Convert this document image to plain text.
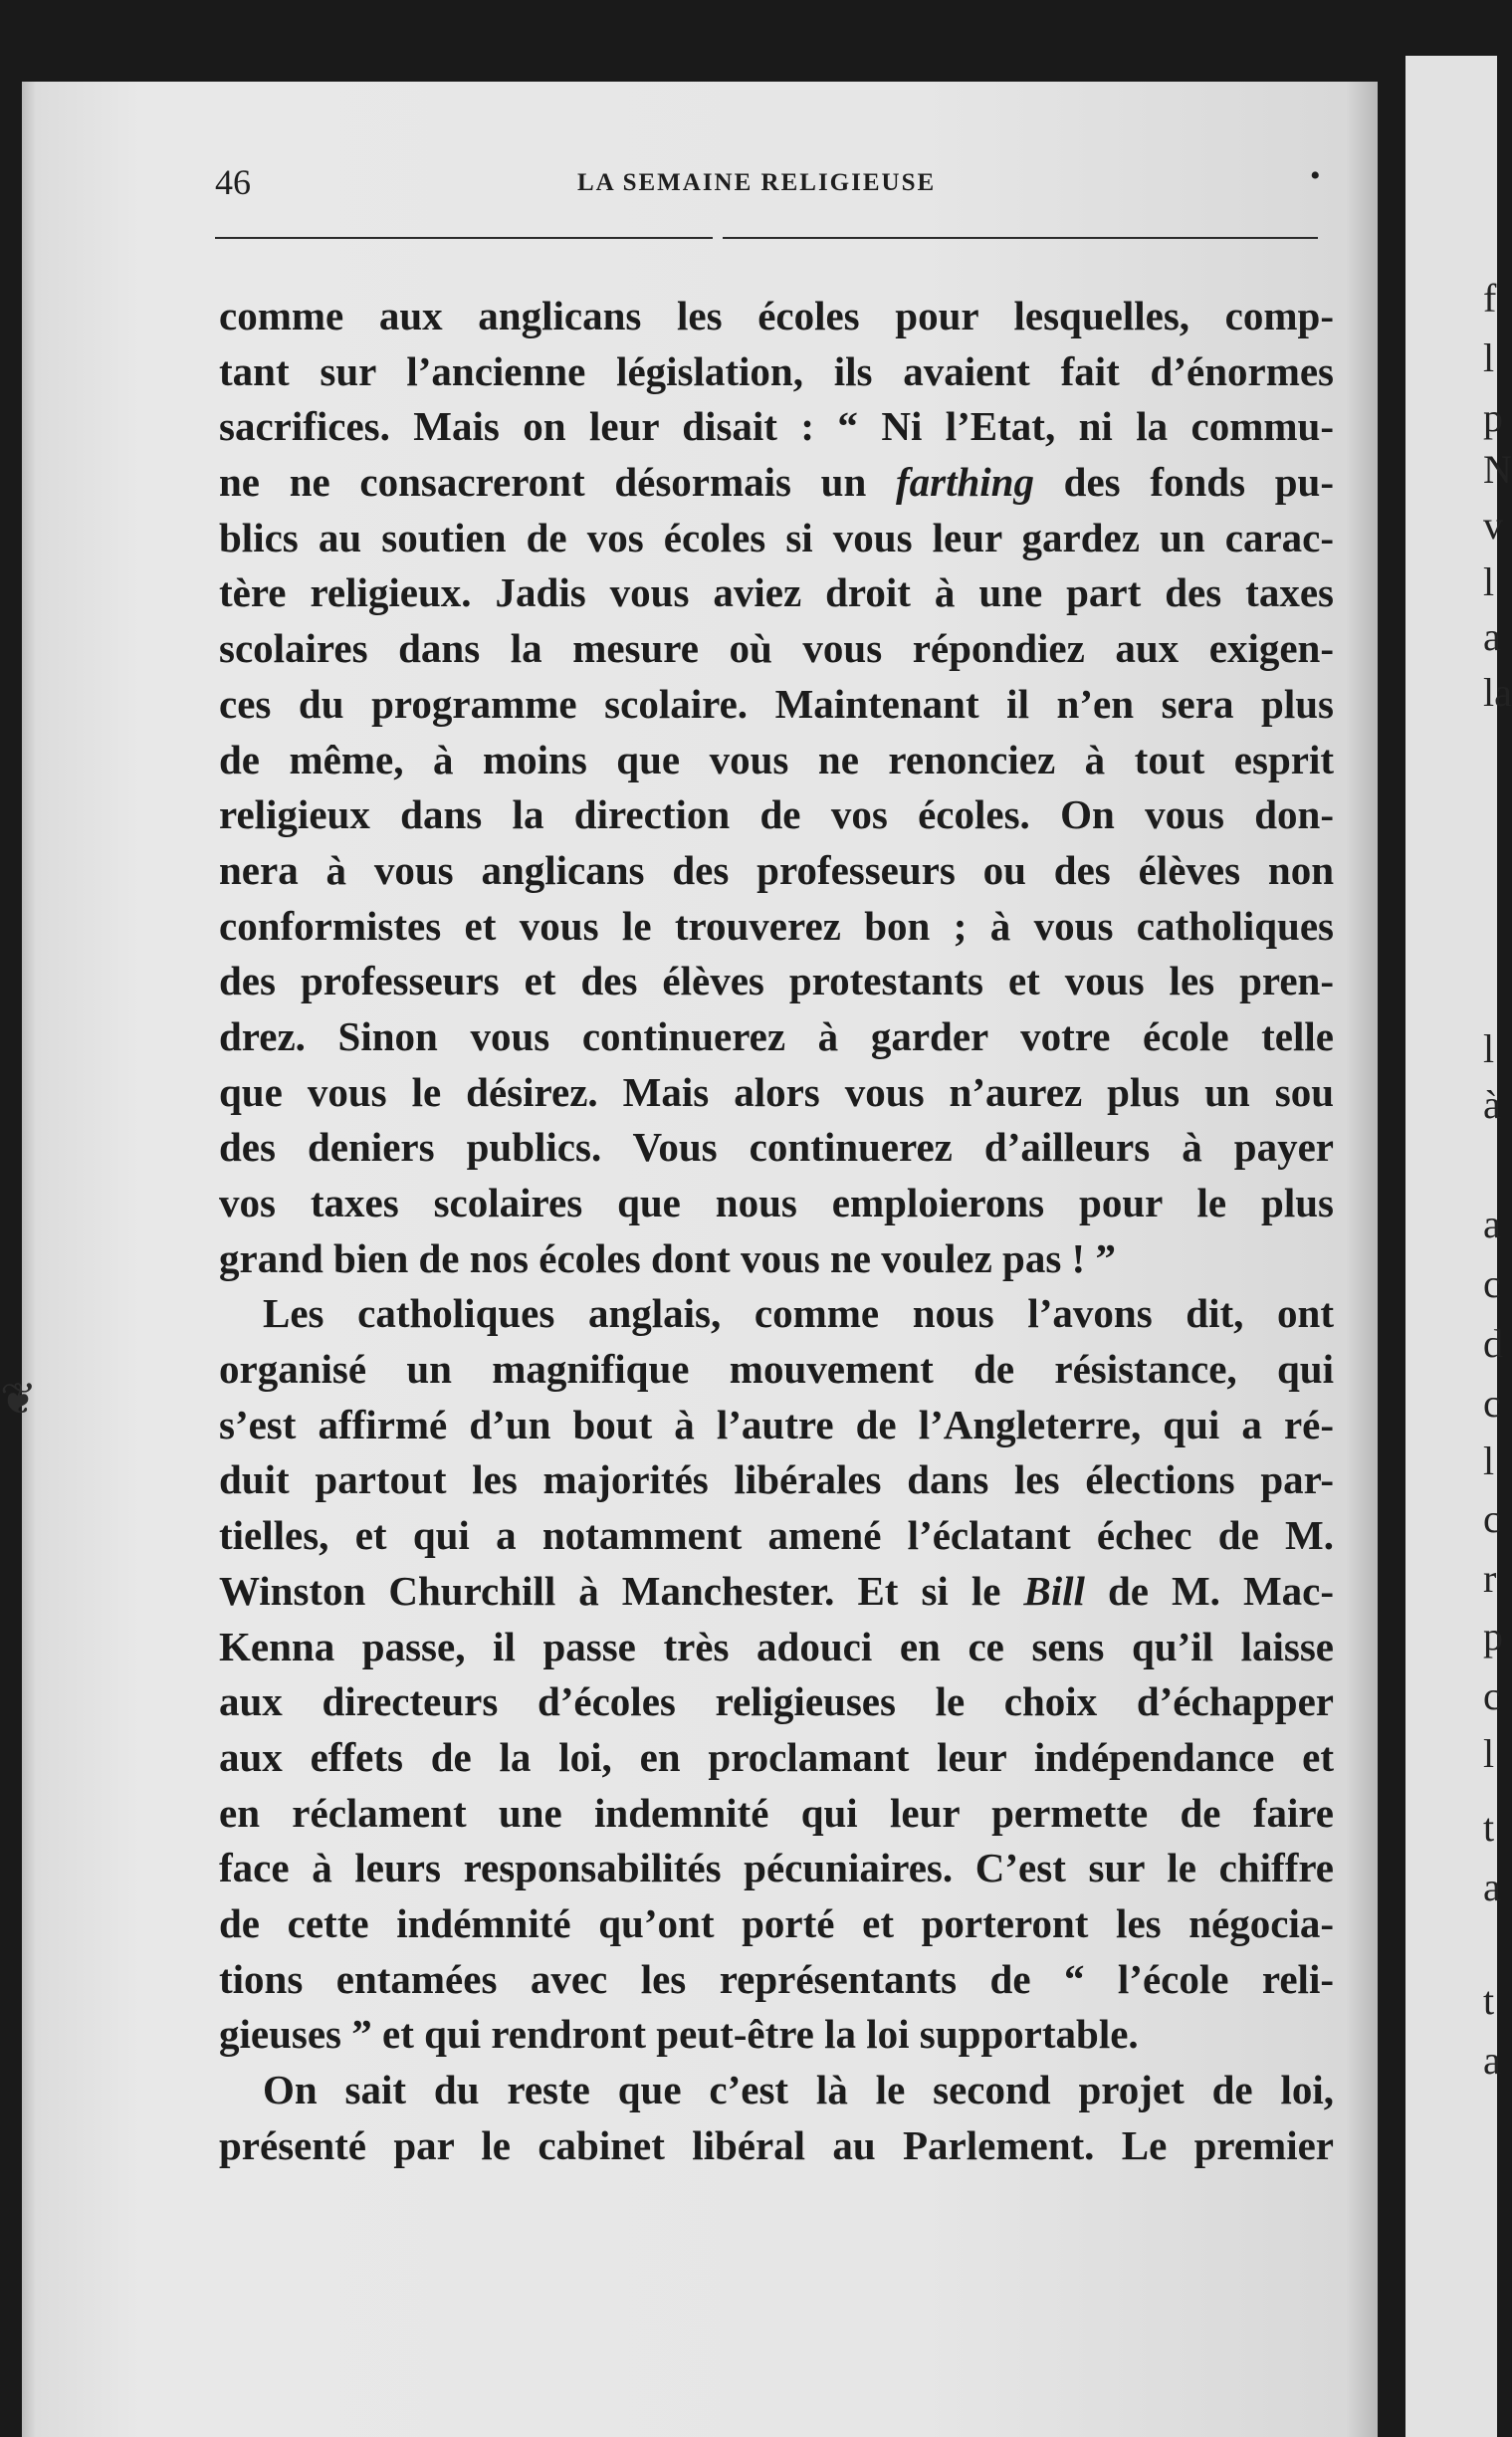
46	LA SEMAINE RELIGIEUSE	•
comme aux anglicans les écoles pour lesquelles, comp-
tant sur l’ancienne législation, ils avaient fait d’énormes
sacrifices. Mais on leur disait : “ Ni l’Etat, ni la commu-
ne ne consacreront désormais un farthing des fonds pu-
blics au soutien de vos écoles si vous leur gardez un carac-
tère religieux. Jadis vous aviez droit à une part des taxes
scolaires dans la mesure où vous répondiez aux exigen-
ces du programme scolaire. Maintenant il n’en sera plus
de même, à moins que vous ne renonciez à tout esprit
religieux dans la direction de vos écoles. On vous don-
nera à vous anglicans des professeurs ou des élèves non
conformistes et vous le trouverez bon ; à vous catholiques
des professeurs et des élèves protestants et vous les pren-
drez. Sinon vous continuerez à garder votre école telle
que vous le désirez. Mais alors vous n’aurez plus un sou
des deniers publics. Vous continuerez d’ailleurs à payer
vos taxes scolaires que nous emploierons pour le plus
grand bien de nos écoles dont vous ne voulez pas ! ”
Les catholiques anglais, comme nous l’avons dit, ont
organisé un magnifique mouvement de résistance, qui
s’est affirmé d’un bout à l’autre de l’Angleterre, qui a ré-
duit partout les majorités libérales dans les élections par-
tielles, et qui a notamment amené l’éclatant échec de M.
Winston Churchill à Manchester. Et si le Bill de M. Mac-
Kenna passe, il passe très adouci en ce sens qu’il laisse
aux directeurs d’écoles religieuses le choix d’échapper
aux effets de la loi, en proclamant leur indépendance et
en réclament une indemnité qui leur permette de faire
face à leurs responsabilités pécuniaires. C’est sur le chiffre
de cette indémnité qu’ont porté et porteront les négocia-
tions entamées avec les représentants de “ l’école reli-
gieuses ” et qui rendront peut-être la loi supportable.
On sait du reste que c’est là le second projet de loi,
présenté par le cabinet libéral au Parlement. Le premier
❦
f
l
p
N
v
l
a
la
l
à
a
c
d
c
l
c
r
p
c
l
t
a
t
a
